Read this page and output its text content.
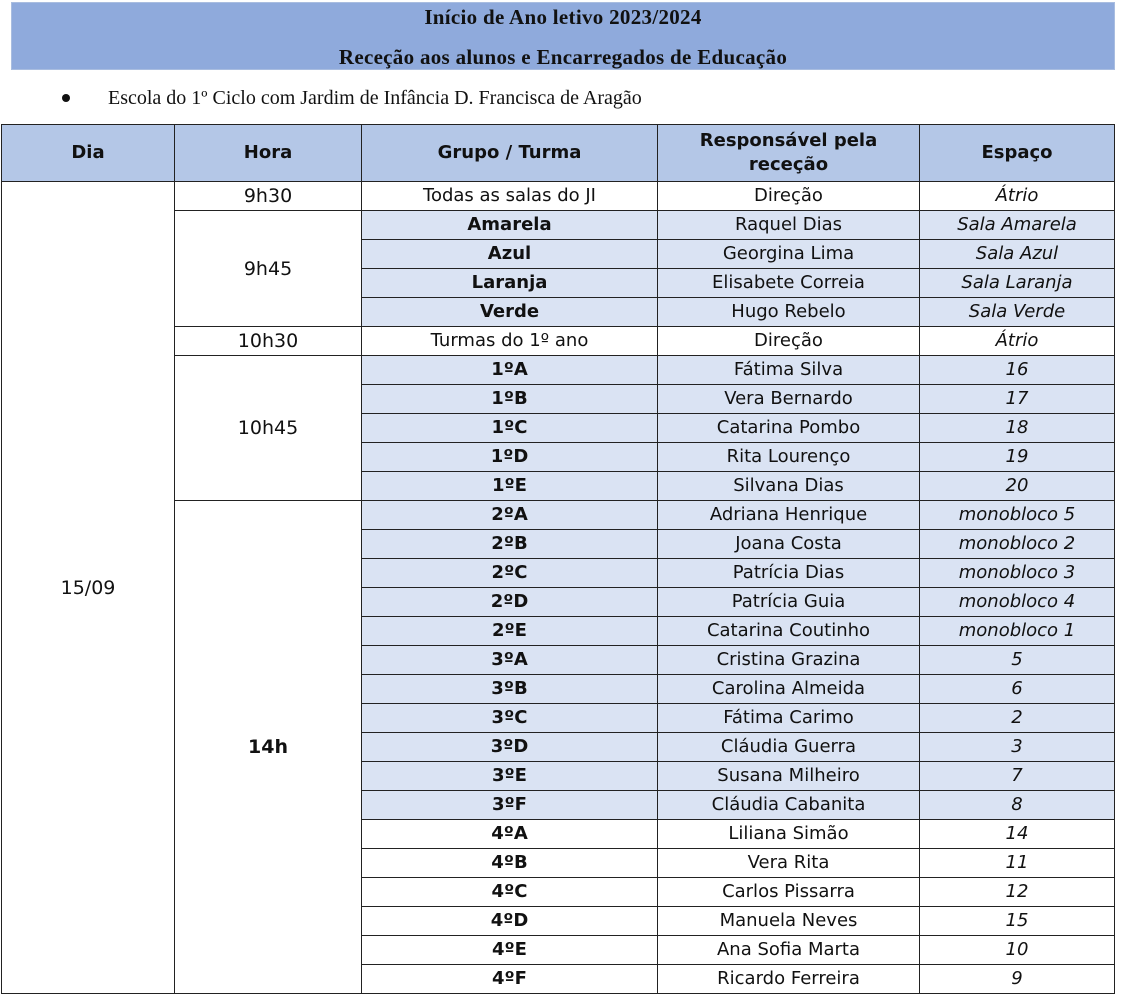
Início de Ano letivo 2023/2024
Receção aos alunos e Encarregados de Educação
Escola do 1º Ciclo com Jardim de Infância D. Francisca de Aragão
Dia	Hora	Grupo / Turma	Responsável pela receção	Espaço
15/09	9h30	Todas as salas do JI	Direção	Átrio
	9h45	Amarela	Raquel Dias	Sala Amarela
		Azul	Georgina Lima	Sala Azul
		Laranja	Elisabete Correia	Sala Laranja
		Verde	Hugo Rebelo	Sala Verde
	10h30	Turmas do 1º ano	Direção	Átrio
	10h45	1ºA	Fátima Silva	16
		1ºB	Vera Bernardo	17
		1ºC	Catarina Pombo	18
		1ºD	Rita Lourenço	19
		1ºE	Silvana Dias	20
	14h	2ºA	Adriana Henrique	monobloco 5
		2ºB	Joana Costa	monobloco 2
		2ºC	Patrícia Dias	monobloco 3
		2ºD	Patrícia Guia	monobloco 4
		2ºE	Catarina Coutinho	monobloco 1
		3ºA	Cristina Grazina	5
		3ºB	Carolina Almeida	6
		3ºC	Fátima Carimo	2
		3ºD	Cláudia Guerra	3
		3ºE	Susana Milheiro	7
		3ºF	Cláudia Cabanita	8
		4ºA	Liliana Simão	14
		4ºB	Vera Rita	11
		4ºC	Carlos Pissarra	12
		4ºD	Manuela Neves	15
		4ºE	Ana Sofia Marta	10
		4ºF	Ricardo Ferreira	9
